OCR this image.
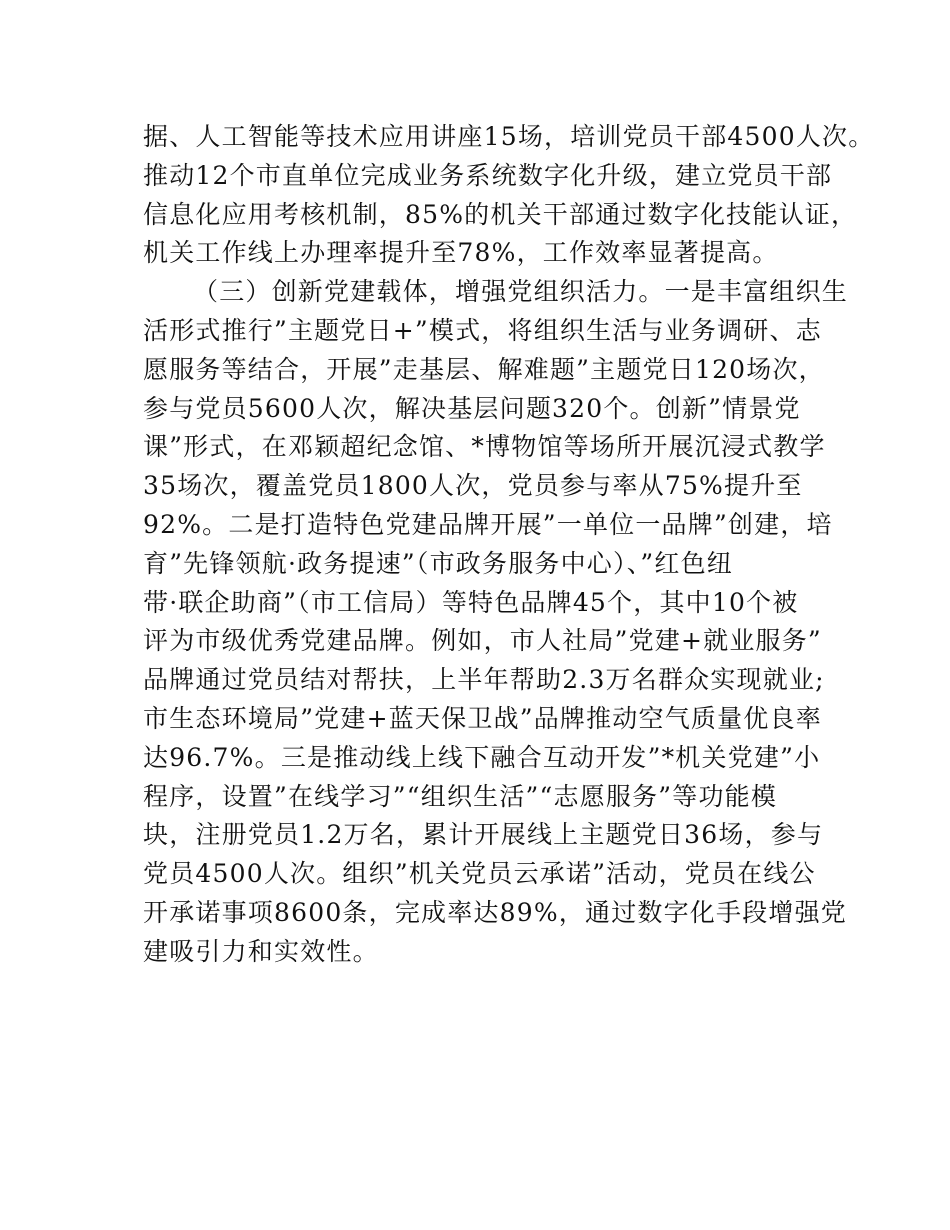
据、人工智能等技术应用讲座15场，培训党员干部4500人次。
推动12个市直单位完成业务系统数字化升级，建立党员干部
信息化应用考核机制，85%的机关干部通过数字化技能认证，
机关工作线上办理率提升至78%，工作效率显著提高。
（三）创新党建载体，增强党组织活力。一是丰富组织生
活形式推行”主题党日+”模式，将组织生活与业务调研、志
愿服务等结合，开展”走基层、解难题”主题党日120场次，
参与党员5600人次，解决基层问题320个。创新”情景党
课”形式，在邓颖超纪念馆、*博物馆等场所开展沉浸式教学
35场次，覆盖党员1800人次，党员参与率从75%提升至
92%。二是打造特色党建品牌开展”一单位一品牌”创建，培
育”先锋领航·政务提速”（市政务服务中心）、”红色纽
带·联企助商”（市工信局）等特色品牌45个，其中10个被
评为市级优秀党建品牌。例如，市人社局”党建+就业服务”
品牌通过党员结对帮扶，上半年帮助2.3万名群众实现就业;
市生态环境局”党建+蓝天保卫战”品牌推动空气质量优良率
达96.7%。三是推动线上线下融合互动开发”*机关党建”小
程序，设置”在线学习”“组织生活”“志愿服务”等功能模
块，注册党员1.2万名，累计开展线上主题党日36场，参与
党员4500人次。组织”机关党员云承诺”活动，党员在线公
开承诺事项8600条，完成率达89%，通过数字化手段增强党
建吸引力和实效性。
